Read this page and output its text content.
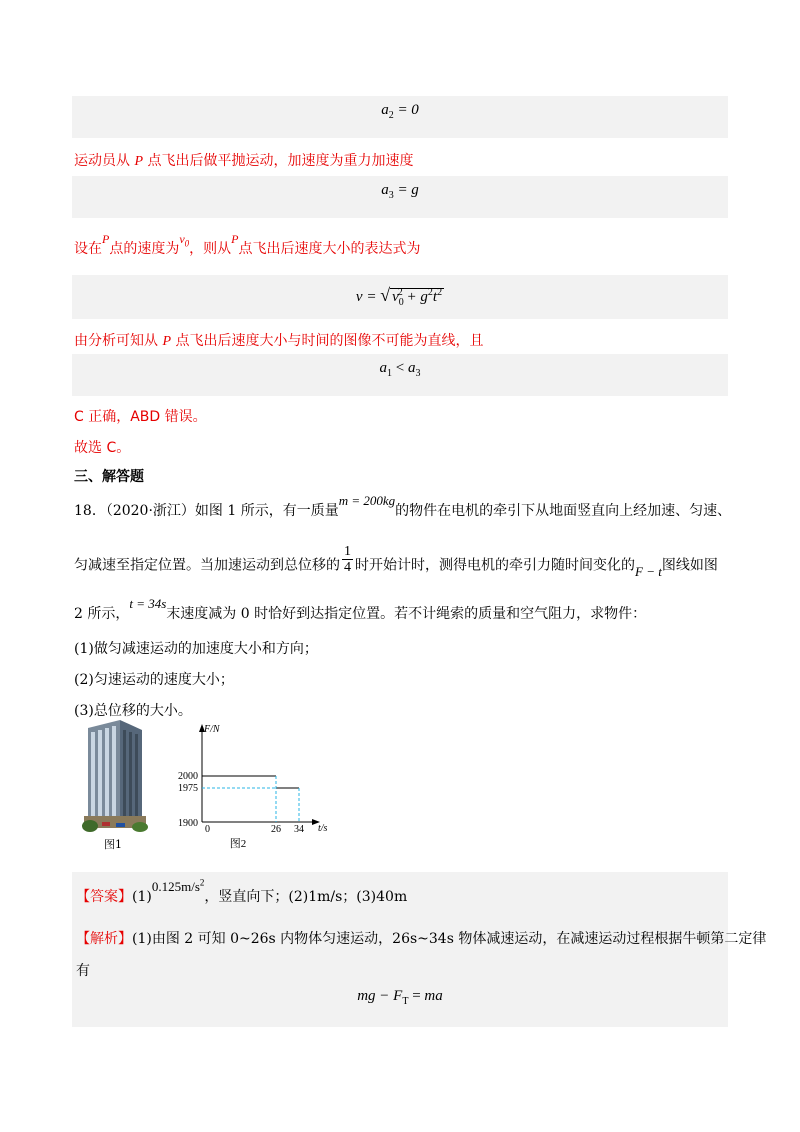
$a_2 = 0$
运动员从 P 点飞出后做平抛运动，加速度为重力加速度
$a_3 = g$
设在P点的速度为$v_0$，则从P点飞出后速度大小的表达式为
v = √ $v_0^2 + g^2t^2$
由分析可知从 P 点飞出后速度大小与时间的图像不可能为直线，且
$a_1 < a_3$
C 正确，ABD 错误。
故选 C。
三、解答题
18．（2020·浙江）如图 1 所示，有一质量m = 200kg的物件在电机的牵引下从地面竖直向上经加速、匀速、
匀减速至指定位置。当加速运动到总位移的 $\frac{1}{4}$ 时开始计时，测得电机的牵引力随时间变化的F − t图线如图
2 所示，t = 34s末速度减为 0 时恰好到达指定位置。若不计绳索的质量和空气阻力，求物件：
(1)做匀减速运动的加速度大小和方向；
(2)匀速运动的速度大小；
(3)总位移的大小。
图1
F/N
t/s
2000
1975
1900
0	26 34
图2
【答案】$(1)0.125m/s^2$，竖直向下；(2)1m/s；(3)40m
【解析】(1)由图 2 可知 0~26s 内物体匀速运动，26s~34s 物体减速运动，在减速运动过程根据牛顿第二定律
有
mg − $F_T$ = ma
